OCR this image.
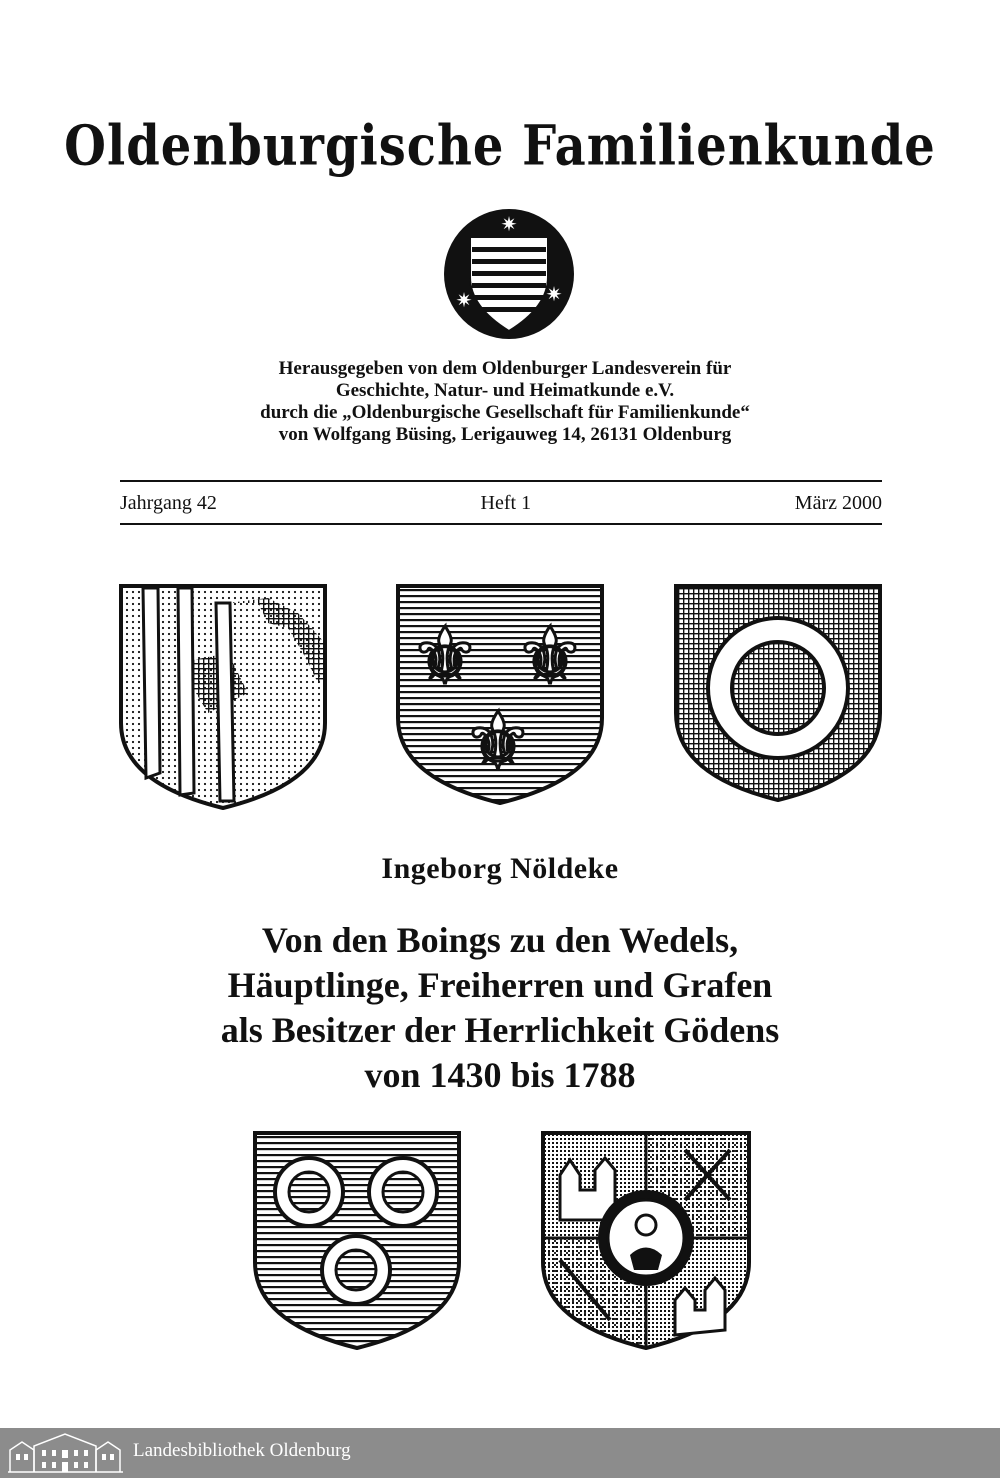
Oldenburgische Familienkunde
✷
✷	✷
Herausgegeben von dem Oldenburger Landesverein für
Geschichte, Natur- und Heimatkunde e.V.
durch die „Oldenburgische Gesellschaft für Familienkunde“
von Wolfgang Büsing, Lerigauweg 14, 26131 Oldenburg
Jahrgang 42	Heft 1	März 2000
⚜ ⚜
⚜
Ingeborg Nöldeke
Von den Boings zu den Wedels,
Häuptlinge, Freiherren und Grafen
als Besitzer der Herrlichkeit Gödens
von 1430 bis 1788
Landesbibliothek Oldenburg
